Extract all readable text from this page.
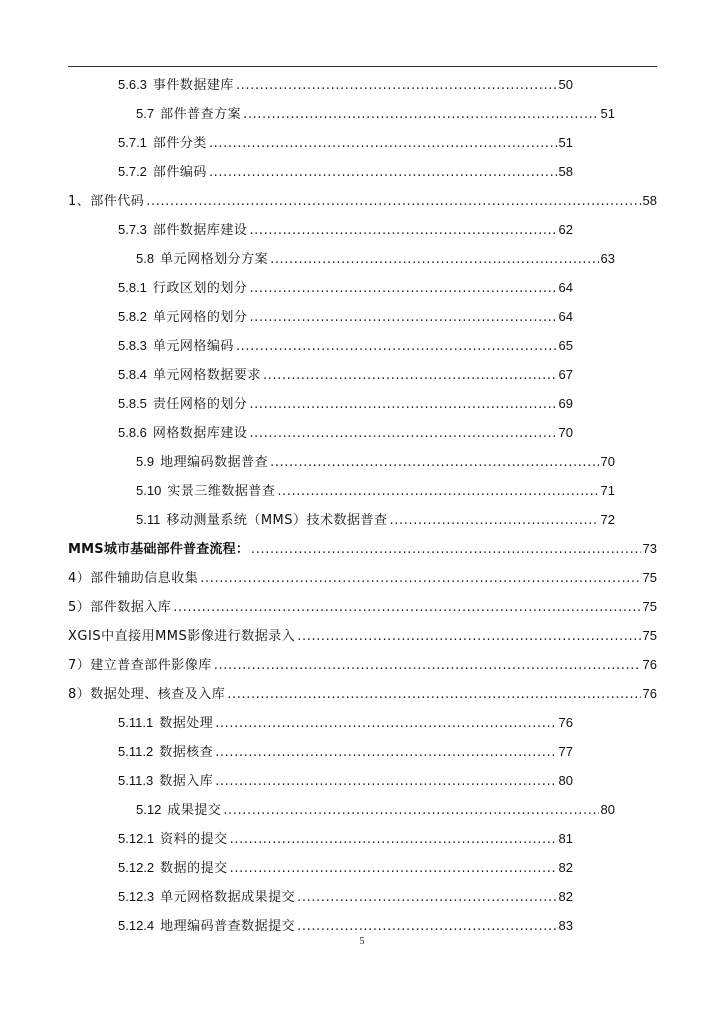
5.6.3 事件数据建库 .....	50
5.7 部件普查方案 .....	51
5.7.1 部件分类 .....	51
5.7.2 部件编码 .....	58
1、部件代码 .....	58
5.7.3 部件数据库建设 .....	62
5.8 单元网格划分方案 .....	63
5.8.1 行政区划的划分 .....	64
5.8.2 单元网格的划分 .....	64
5.8.3 单元网格编码 .....	65
5.8.4 单元网格数据要求 .....	67
5.8.5 责任网格的划分 .....	69
5.8.6 网格数据库建设 .....	70
5.9 地理编码数据普查 .....	70
5.10 实景三维数据普查 .....	71
5.11 移动测量系统（MMS）技术数据普查 .....	72
MMS城市基础部件普查流程： .....	73
4）部件辅助信息收集 .....	75
5）部件数据入库 .....	75
XGIS中直接用MMS影像进行数据录入 .....	75
7）建立普查部件影像库 .....	76
8）数据处理、核查及入库 .....	76
5.11.1 数据处理 .....	76
5.11.2 数据核查 .....	77
5.11.3 数据入库 .....	80
5.12 成果提交 .....	80
5.12.1 资料的提交 .....	81
5.12.2 数据的提交 .....	82
5.12.3 单元网格数据成果提交 .....	82
5.12.4 地理编码普查数据提交 .....	83
5
